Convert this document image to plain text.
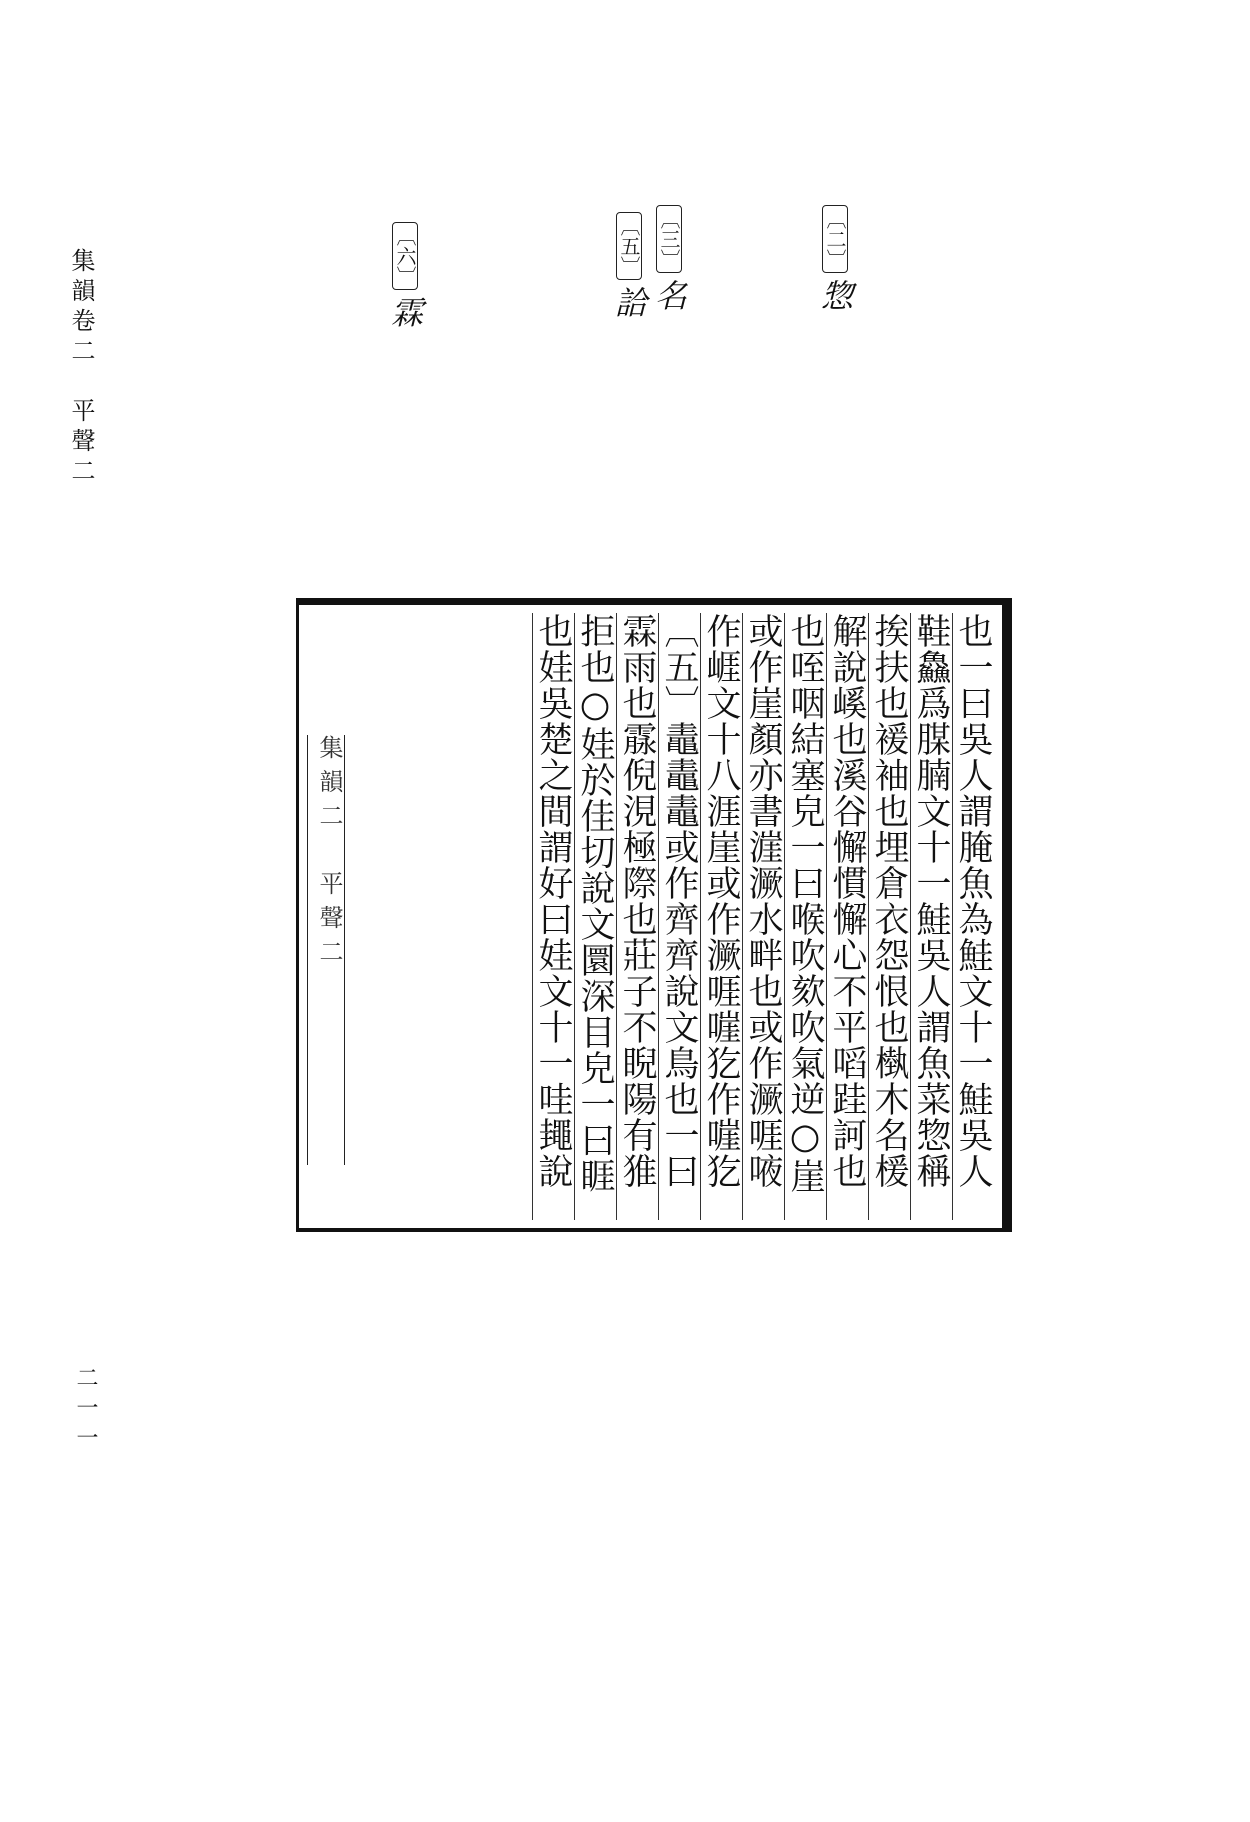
集韻卷二　平聲二
〔二〕惣
〔三〕名
〔五〕詥
〔六〕霖
集韻二　平聲二
也一曰吳人謂腌魚為鮭文十一鮭吳人
鞋鱻爲腜腩文十一鮭吳人謂魚菜惣稱
挨扶也褑袖也埋倉衣怨恨也槸木名楥
解說嵠也溪谷懈慣懈心不平㗖跬訶也
也咥咽結塞皃一曰喉吹欬吹氣逆○崖
或作崖顏亦書漄㵐水畔也或作㵐啀㖡
作崕文十八涯崖或作㵐啀嘊犵作嘊犵
〔五〕鼃鼃鼃或作齊齊說文鳥也一曰
霖雨也霡倪涀極際也莊子不睨陽有猚
拒也○娃於佳切說文圜深目皃一曰睚
也娃吳楚之間謂好曰娃文十一哇䵷說
二一一
